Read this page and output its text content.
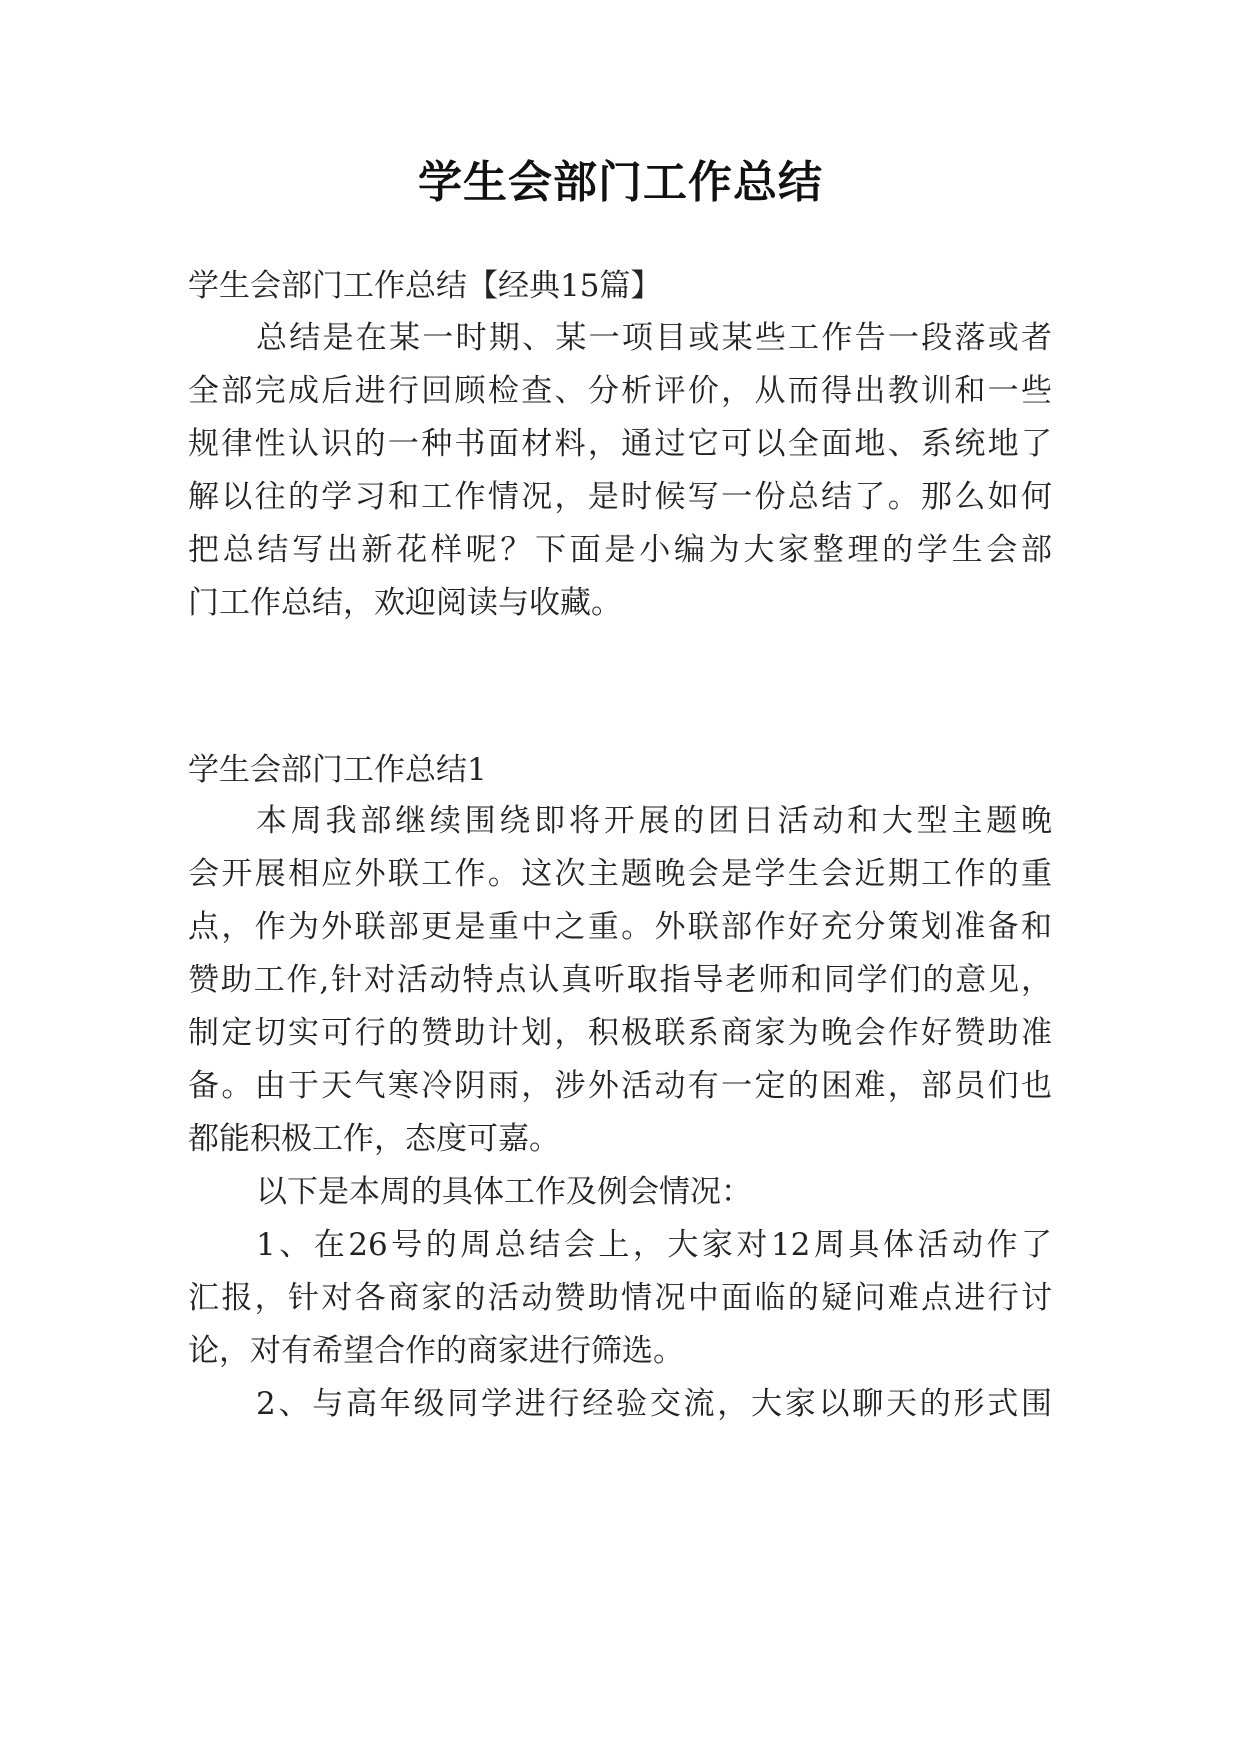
学生会部门工作总结

学生会部门工作总结【经典15篇】

总结是在某一时期、某一项目或某些工作告一段落或者

全部完成后进行回顾检查、分析评价，从而得出教训和一些

规律性认识的一种书面材料，通过它可以全面地、系统地了

解以往的学习和工作情况，是时候写一份总结了。那么如何

把总结写出新花样呢？下面是小编为大家整理的学生会部

门工作总结，欢迎阅读与收藏。

学生会部门工作总结1

本周我部继续围绕即将开展的团日活动和大型主题晚

会开展相应外联工作。这次主题晚会是学生会近期工作的重

点，作为外联部更是重中之重。外联部作好充分策划准备和

赞助工作,针对活动特点认真听取指导老师和同学们的意见，

制定切实可行的赞助计划，积极联系商家为晚会作好赞助准

备。由于天气寒冷阴雨，涉外活动有一定的困难，部员们也

都能积极工作，态度可嘉。

以下是本周的具体工作及例会情况：

1、在26号的周总结会上，大家对12周具体活动作了

汇报，针对各商家的活动赞助情况中面临的疑问难点进行讨

论，对有希望合作的商家进行筛选。

2、与高年级同学进行经验交流，大家以聊天的形式围
